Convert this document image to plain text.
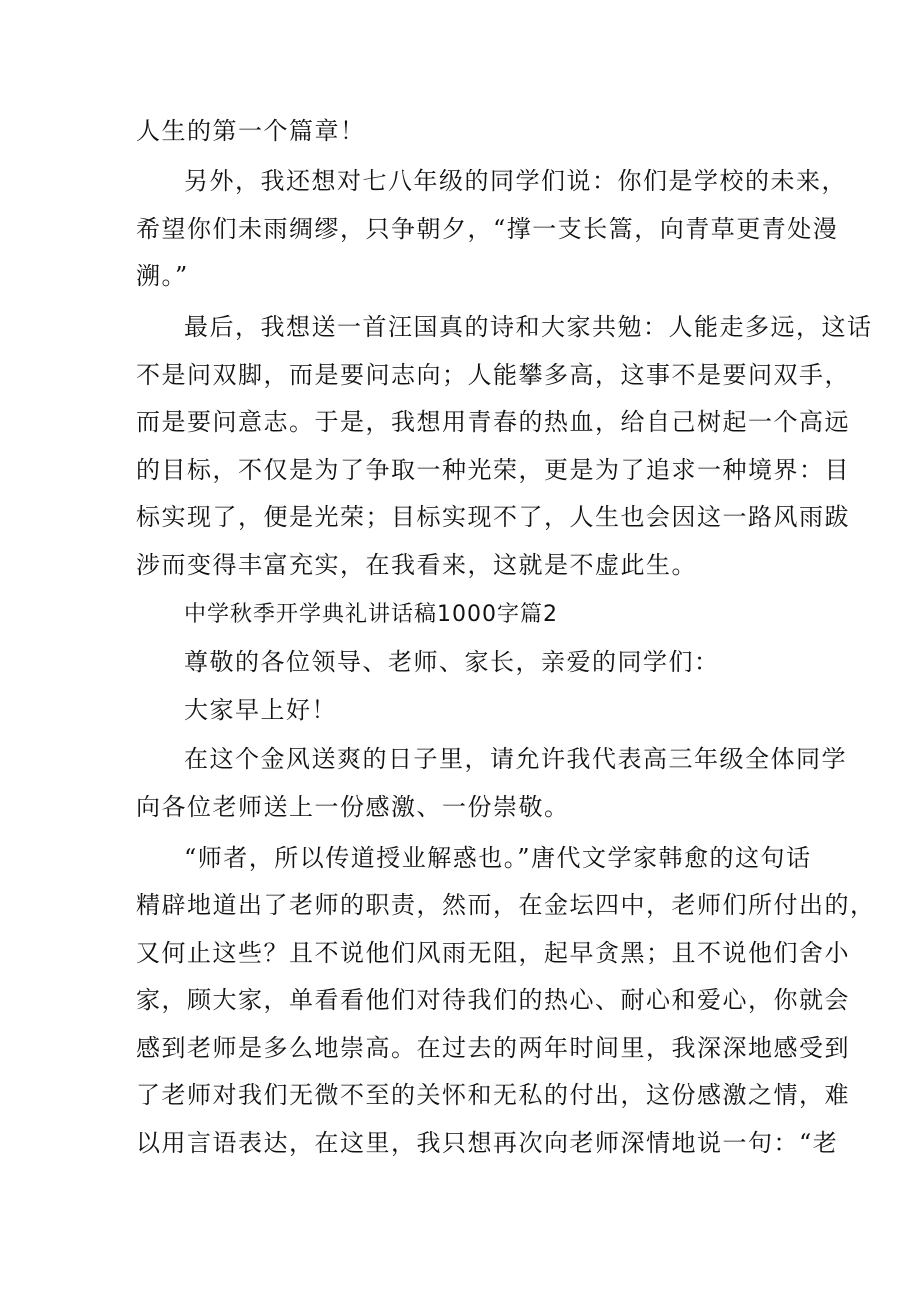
人生的第一个篇章！
另外，我还想对七八年级的同学们说：你们是学校的未来，
希望你们未雨绸缪，只争朝夕，“撑一支长篙，向青草更青处漫
溯。”
最后，我想送一首汪国真的诗和大家共勉：人能走多远，这话
不是问双脚，而是要问志向；人能攀多高，这事不是要问双手，
而是要问意志。于是，我想用青春的热血，给自己树起一个高远
的目标，不仅是为了争取一种光荣，更是为了追求一种境界：目
标实现了，便是光荣；目标实现不了，人生也会因这一路风雨跋
涉而变得丰富充实，在我看来，这就是不虚此生。
中学秋季开学典礼讲话稿1000字篇2
尊敬的各位领导、老师、家长，亲爱的同学们：
大家早上好！
在这个金风送爽的日子里，请允许我代表高三年级全体同学
向各位老师送上一份感激、一份崇敬。
“师者，所以传道授业解惑也。”唐代文学家韩愈的这句话
精辟地道出了老师的职责，然而，在金坛四中，老师们所付出的，
又何止这些？且不说他们风雨无阻，起早贪黑；且不说他们舍小
家，顾大家，单看看他们对待我们的热心、耐心和爱心，你就会
感到老师是多么地崇高。在过去的两年时间里，我深深地感受到
了老师对我们无微不至的关怀和无私的付出，这份感激之情，难
以用言语表达，在这里，我只想再次向老师深情地说一句：“老
